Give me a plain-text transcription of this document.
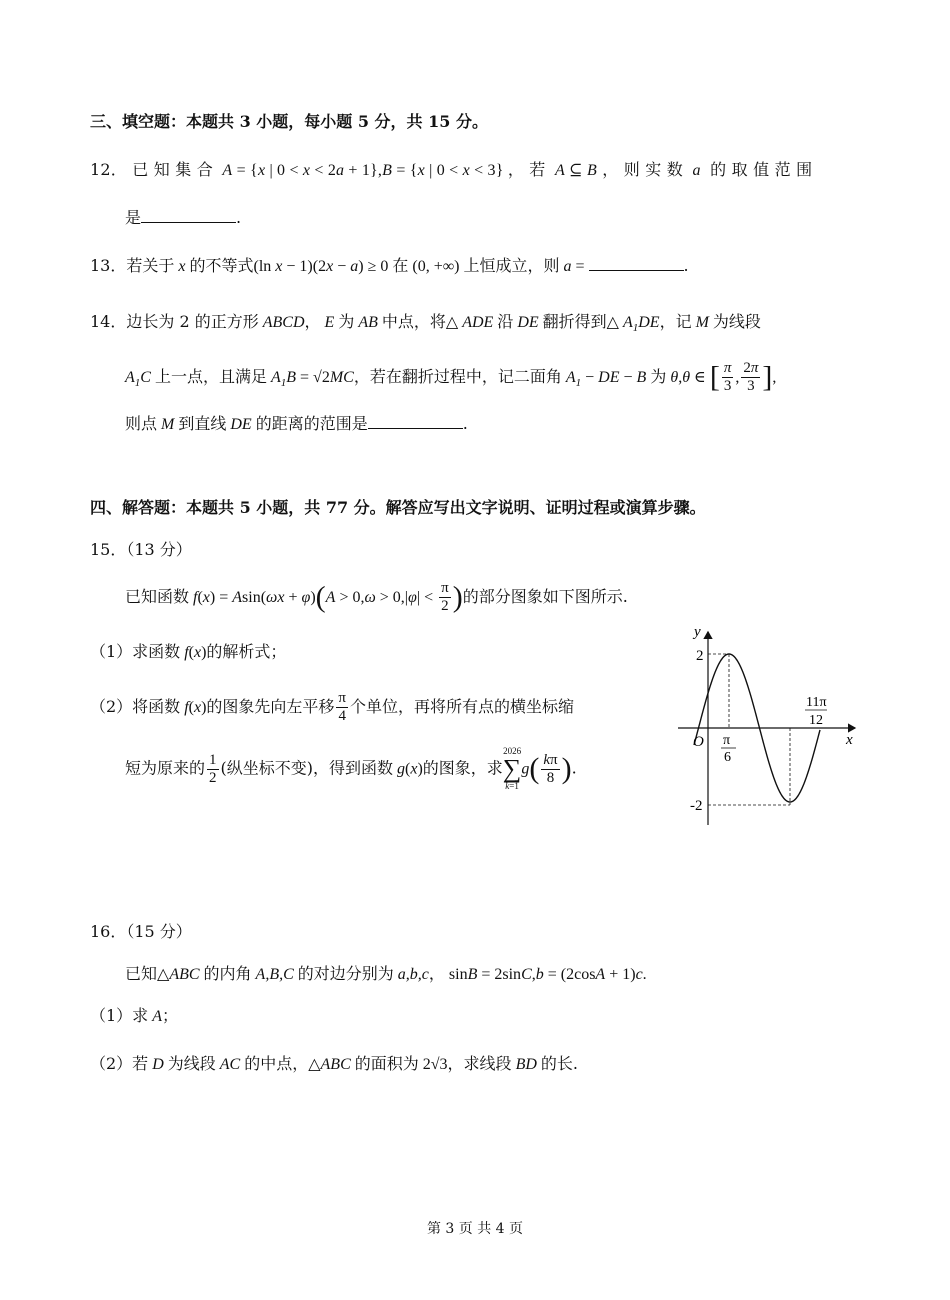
三、填空题：本题共 3 小题，每小题 5 分，共 15 分。
12． 已 知 集 合  A = {x | 0 < x < 2a + 1},B = {x | 0 < x < 3} ， 若  A ⊆ B ， 则 实 数  a  的 取 值 范 围
是	.
13．若关于 x 的不等式(ln x − 1)(2x − a) ≥ 0 在 (0, +∞) 上恒成立，则 a =	.
14．边长为 2 的正方形 ABCD， E 为 AB 中点，将△ ADE 沿 DE 翻折得到△ $A_1DE$，记 M 为线段
$A_1C$ 上一点，且满足 $A_1B = √2MC$，若在翻折过程中，记二面角 $A_1$ − DE − B 为 θ,θ ∈ [ $\frac{\pi}{3}$ , $\frac{2\pi}{3}$ ],
则点 M 到直线 DE 的距离的范围是	.
四、解答题：本题共 5 小题，共 77 分。解答应写出文字说明、证明过程或演算步骤。
15．（13 分）
已知函数 $f(x) = Asin(\omega x + \varphi)(A > 0,\omega > 0,|\varphi| < \frac{\pi}{2}$ )的部分图象如下图所示.
（1）求函数 f(x)的解析式；
（2）将函数 f(x)的图象先向左平移 $\frac{\pi}{4}$ 个单位，再将所有点的横坐标缩
短为原来的 $\frac{1}{2}$ (纵坐标不变)，得到函数 g(x)的图象，求
2026
∑
k=1
$g( \frac{k\pi}{8}$ ).
y
x
O
2
-2
π
6
11π
12
16．（15 分）
已知△ABC 的内角 A,B,C 的对边分别为 a,b,c， sinB = 2sinC,b = (2cosA + 1)c.
（1）求 A；
（2）若 D 为线段 AC 的中点，△ABC 的面积为 2√3，求线段 BD 的长.
第 3 页 共 4 页
